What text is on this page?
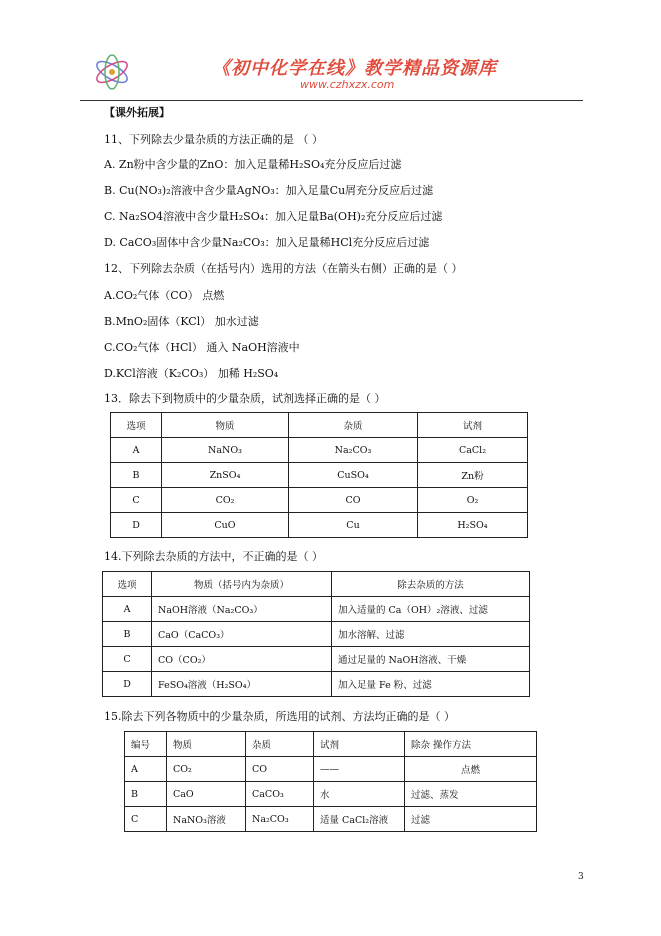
《初中化学在线》教学精品资源库
www.czhxzx.com
【课外拓展】
11、下列除去少量杂质的方法正确的是 （ ）
A. Zn粉中含少量的ZnO：加入足量稀H₂SO₄充分反应后过滤
B. Cu(NO₃)₂溶液中含少量AgNO₃：加入足量Cu屑充分反应后过滤
C. Na₂SO4溶液中含少量H₂SO₄：加入足量Ba(OH)₂充分反应后过滤
D. CaCO₃固体中含少量Na₂CO₃：加入足量稀HCl充分反应后过滤
12、下列除去杂质（在括号内）选用的方法（在箭头右侧）正确的是（ ）
A.CO₂气体（CO） 点燃
B.MnO₂固体（KCl） 加水过滤
C.CO₂气体（HCl） 通入 NaOH溶液中
D.KCl溶液（K₂CO₃） 加稀 H₂SO₄
13．除去下到物质中的少量杂质，试剂选择正确的是（ ）
选项	物质	杂质	试剂
A	NaNO₃	Na₂CO₃	CaCl₂
B	ZnSO₄	CuSO₄	Zn粉
C	CO₂	CO	O₂
D	CuO	Cu	H₂SO₄
14.下列除去杂质的方法中，不正确的是（ ）
选项	物质（括号内为杂质）	除去杂质的方法
A	NaOH溶液（Na₂CO₃）	加入适量的 Ca（OH）₂溶液、过滤
B	CaO（CaCO₃）	加水溶解、过滤
C	CO（CO₂）	通过足量的 NaOH溶液、干燥
D	FeSO₄溶液（H₂SO₄）	加入足量 Fe 粉、过滤
15.除去下列各物质中的少量杂质，所选用的试剂、方法均正确的是（ ）
编号	物质	杂质	试剂	除杂 操作方法
A	CO₂	CO	——	点燃
B	CaO	CaCO₃	水	过滤、蒸发
C	NaNO₃溶液	Na₂CO₃	适量 CaCl₂溶液	过滤
3
